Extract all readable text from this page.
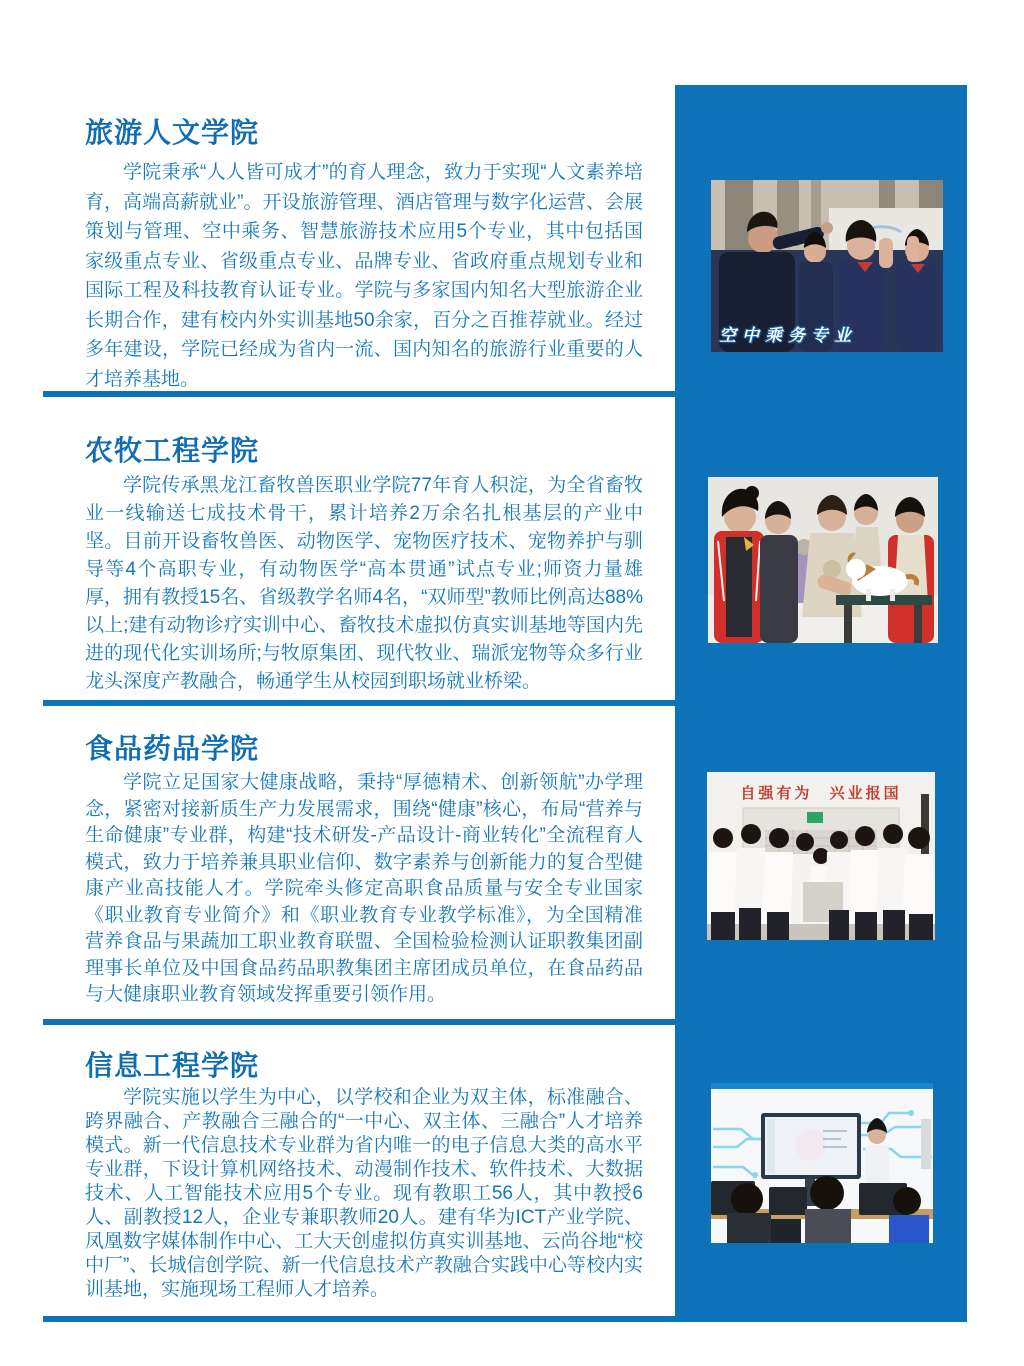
旅游人文学院

学院秉承“人人皆可成才”的育人理念，致力于实现“人文素养培育，高端高薪就业”。开设旅游管理、酒店管理与数字化运营、会展策划与管理、空中乘务、智慧旅游技术应用5个专业，其中包括国家级重点专业、省级重点专业、品牌专业、省政府重点规划专业和国际工程及科技教育认证专业。学院与多家国内知名大型旅游企业长期合作，建有校内外实训基地50余家，百分之百推荐就业。经过多年建设，学院已经成为省内一流、国内知名的旅游行业重要的人才培养基地。

空中乘务专业
农牧工程学院

学院传承黑龙江畜牧兽医职业学院77年育人积淀，为全省畜牧业一线输送七成技术骨干，累计培养2万余名扎根基层的产业中坚。目前开设畜牧兽医、动物医学、宠物医疗技术、宠物养护与驯导等4个高职专业，有动物医学“高本贯通”试点专业;师资力量雄厚，拥有教授15名、省级教学名师4名，“双师型”教师比例高达88%以上;建有动物诊疗实训中心、畜牧技术虚拟仿真实训基地等国内先进的现代化实训场所;与牧原集团、现代牧业、瑞派宠物等众多行业龙头深度产教融合，畅通学生从校园到职场就业桥梁。

食品药品学院

学院立足国家大健康战略，秉持“厚德精术、创新领航”办学理念，紧密对接新质生产力发展需求，围绕“健康”核心，布局“营养与生命健康”专业群，构建“技术研发-产品设计-商业转化”全流程育人模式，致力于培养兼具职业信仰、数字素养与创新能力的复合型健康产业高技能人才。学院牵头修定高职食品质量与安全专业国家《职业教育专业简介》和《职业教育专业教学标准》，为全国精准营养食品与果蔬加工职业教育联盟、全国检验检测认证职教集团副理事长单位及中国食品药品职教集团主席团成员单位，在食品药品与大健康职业教育领域发挥重要引领作用。

自强有为 兴业报国
信息工程学院

学院实施以学生为中心，以学校和企业为双主体，标准融合、跨界融合、产教融合三融合的“一中心、双主体、三融合”人才培养模式。新一代信息技术专业群为省内唯一的电子信息大类的高水平专业群，下设计算机网络技术、动漫制作技术、软件技术、大数据技术、人工智能技术应用5个专业。现有教职工56人，其中教授6人、副教授12人，企业专兼职教师20人。建有华为ICT产业学院、凤凰数字媒体制作中心、工大天创虚拟仿真实训基地、云尚谷地“校中厂”、长城信创学院、新一代信息技术产教融合实践中心等校内实训基地，实施现场工程师人才培养。
